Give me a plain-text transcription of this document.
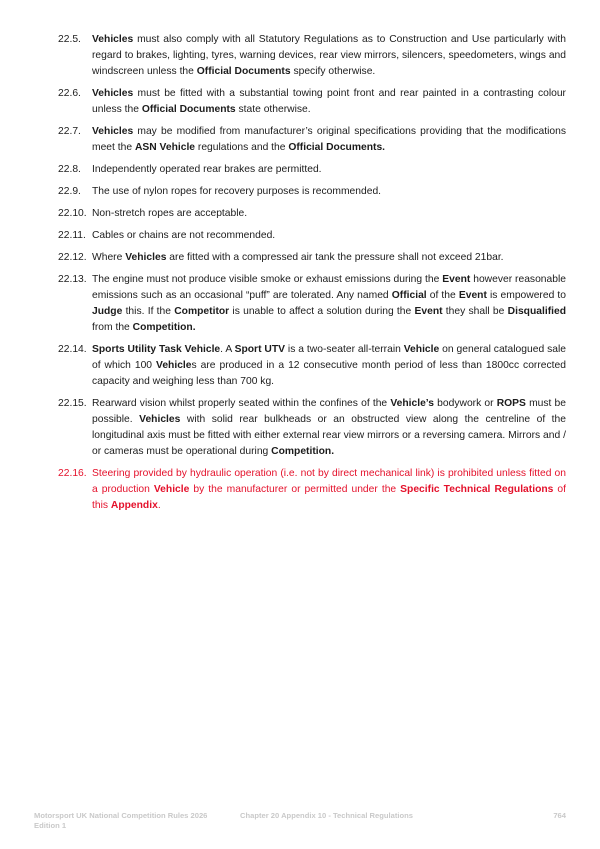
22.5.	Vehicles must also comply with all Statutory Regulations as to Construction and Use particularly with regard to brakes, lighting, tyres, warning devices, rear view mirrors, silencers, speedometers, wings and windscreen unless the Official Documents specify otherwise.
22.6.	Vehicles must be fitted with a substantial towing point front and rear painted in a contrasting colour unless the Official Documents state otherwise.
22.7.	Vehicles may be modified from manufacturer’s original specifications providing that the modifications meet the ASN Vehicle regulations and the Official Documents.
22.8.	Independently operated rear brakes are permitted.
22.9.	The use of nylon ropes for recovery purposes is recommended.
22.10. Non-stretch ropes are acceptable.
22.11. Cables or chains are not recommended.
22.12. Where Vehicles are fitted with a compressed air tank the pressure shall not exceed 21bar.
22.13. The engine must not produce visible smoke or exhaust emissions during the Event however reasonable emissions such as an occasional “puff” are tolerated. Any named Official of the Event is empowered to Judge this. If the Competitor is unable to affect a solution during the Event they shall be Disqualified from the Competition.
22.14. Sports Utility Task Vehicle. A Sport UTV is a two-seater all-terrain Vehicle on general catalogued sale of which 100 Vehicles are produced in a 12 consecutive month period of less than 1800cc corrected capacity and weighing less than 700 kg.
22.15. Rearward vision whilst properly seated within the confines of the Vehicle’s bodywork or ROPS must be possible. Vehicles with solid rear bulkheads or an obstructed view along the centreline of the longitudinal axis must be fitted with either external rear view mirrors or a reversing camera. Mirrors and / or cameras must be operational during Competition.
22.16. Steering provided by hydraulic operation (i.e. not by direct mechanical link) is prohibited unless fitted on a production Vehicle by the manufacturer or permitted under the Specific Technical Regulations of this Appendix.
Motorsport UK National Competition Rules 2026
Edition 1
Chapter 20 Appendix 10 - Technical Regulations	764
